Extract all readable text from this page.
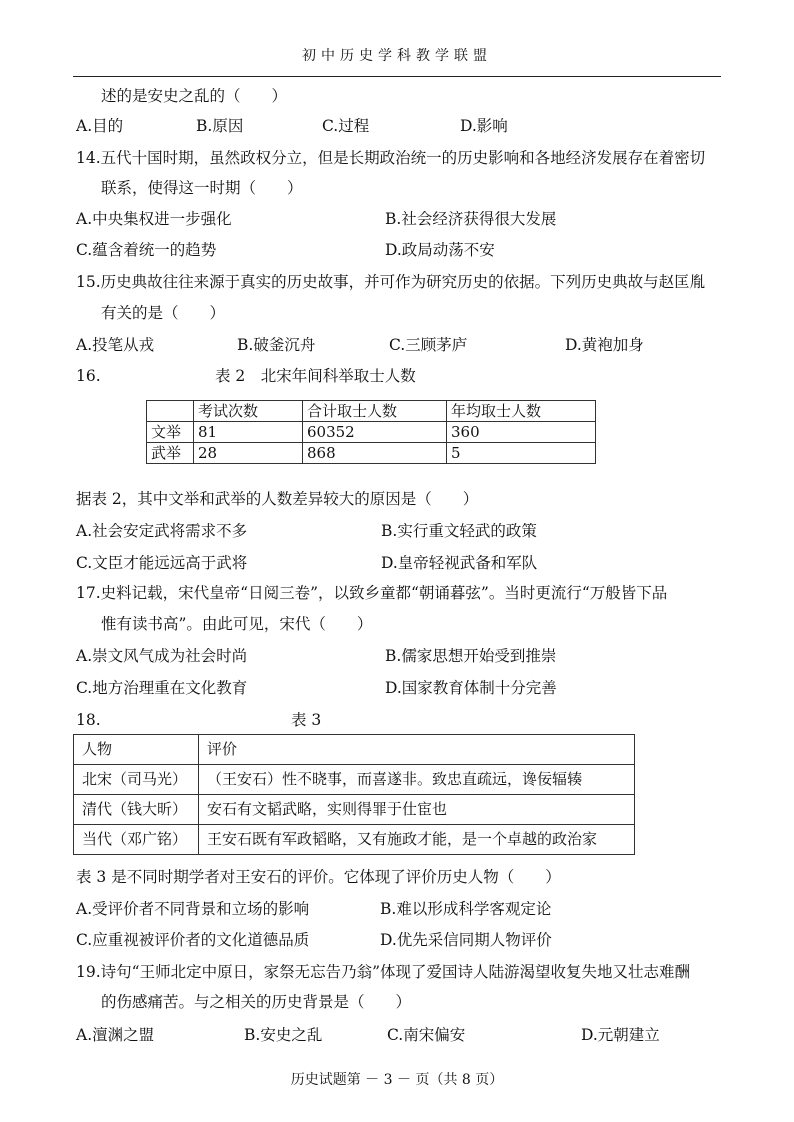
初中历史学科教学联盟
述的是安史之乱的（　　）
A.目的	B.原因	C.过程	D.影响
14.五代十国时期，虽然政权分立，但是长期政治统一的历史影响和各地经济发展存在着密切
联系，使得这一时期（　　）
A.中央集权进一步强化	B.社会经济获得很大发展
C.蕴含着统一的趋势	D.政局动荡不安
15.历史典故往往来源于真实的历史故事，并可作为研究历史的依据。下列历史典故与赵匡胤
有关的是（　　）
A.投笔从戎	B.破釜沉舟	C.三顾茅庐	D.黄袍加身
16.	表 2　北宋年间科举取士人数
	考试次数	合计取士人数	年均取士人数
文举	81	60352	360
武举	28	868	5
据表 2，其中文举和武举的人数差异较大的原因是（　　）
A.社会安定武将需求不多	B.实行重文轻武的政策
C.文臣才能远远高于武将	D.皇帝轻视武备和军队
17.史料记载，宋代皇帝“日阅三卷”，以致乡童都“朝诵暮弦”。当时更流行“万般皆下品
惟有读书高”。由此可见，宋代（　　）
A.崇文风气成为社会时尚	B.儒家思想开始受到推崇
C.地方治理重在文化教育	D.国家教育体制十分完善
18.	表 3
人物	评价
北宋（司马光）	（王安石）性不晓事，而喜遂非。致忠直疏远，谗佞辐辏
清代（钱大昕）	安石有文韬武略，实则得罪于仕宦也
当代（邓广铭）	王安石既有军政韬略，又有施政才能，是一个卓越的政治家
表 3 是不同时期学者对王安石的评价。它体现了评价历史人物（　　）
A.受评价者不同背景和立场的影响	B.难以形成科学客观定论
C.应重视被评价者的文化道德品质	D.优先采信同期人物评价
19.诗句“王师北定中原日，家祭无忘告乃翁”体现了爱国诗人陆游渴望收复失地又壮志难酬
的伤感痛苦。与之相关的历史背景是（　　）
A.澶渊之盟	B.安史之乱	C.南宋偏安	D.元朝建立
历史试题第 － 3 － 页（共 8 页）
